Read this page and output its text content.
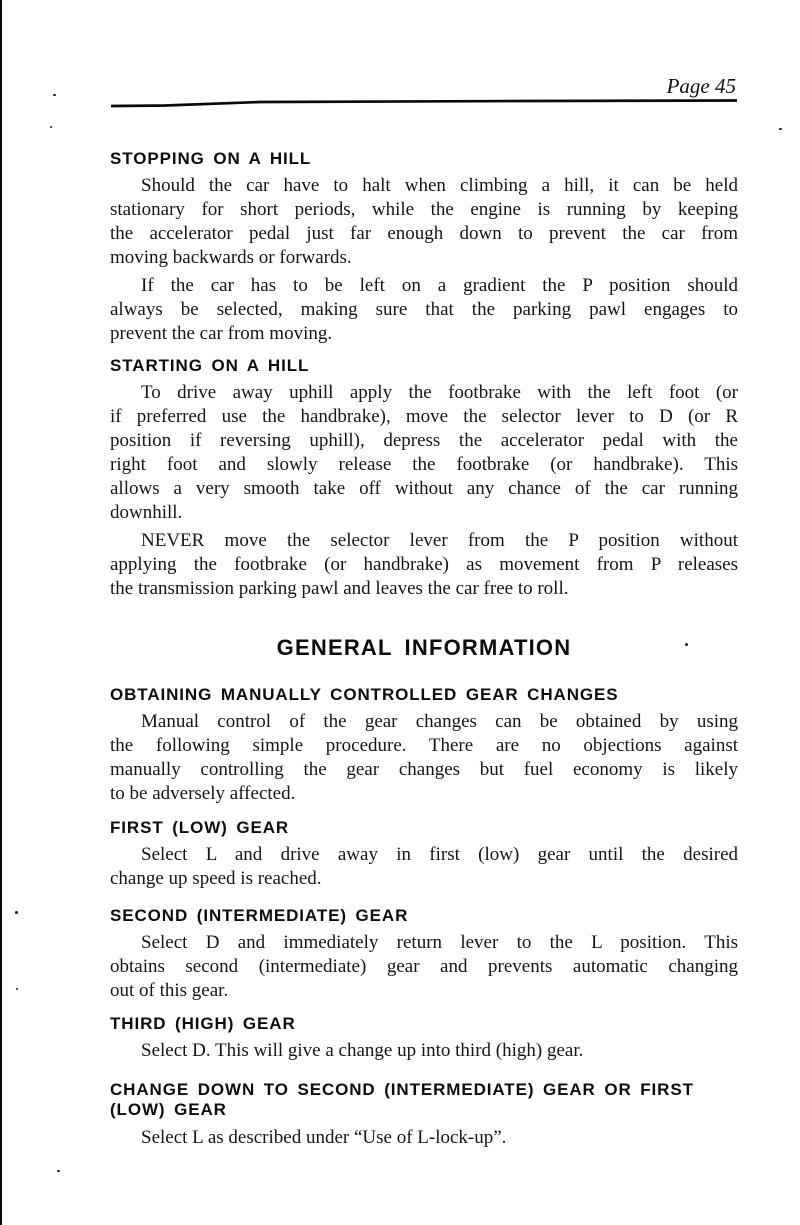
Page 45
STOPPING ON A HILL
Should the car have to halt when climbing a hill, it can be held
stationary for short periods, while the engine is running by keeping
the accelerator pedal just far enough down to prevent the car from
moving backwards or forwards.
If the car has to be left on a gradient the P position should
always be selected, making sure that the parking pawl engages to
prevent the car from moving.
STARTING ON A HILL
To drive away uphill apply the footbrake with the left foot (or
if preferred use the handbrake), move the selector lever to D (or R
position if reversing uphill), depress the accelerator pedal with the
right foot and slowly release the footbrake (or handbrake). This
allows a very smooth take off without any chance of the car running
downhill.
NEVER move the selector lever from the P position without
applying the footbrake (or handbrake) as movement from P releases
the transmission parking pawl and leaves the car free to roll.
GENERAL INFORMATION
OBTAINING MANUALLY CONTROLLED GEAR CHANGES
Manual control of the gear changes can be obtained by using
the following simple procedure. There are no objections against
manually controlling the gear changes but fuel economy is likely
to be adversely affected.
FIRST (LOW) GEAR
Select L and drive away in first (low) gear until the desired
change up speed is reached.
SECOND (INTERMEDIATE) GEAR
Select D and immediately return lever to the L position. This
obtains second (intermediate) gear and prevents automatic changing
out of this gear.
THIRD (HIGH) GEAR
Select D. This will give a change up into third (high) gear.
CHANGE DOWN TO SECOND (INTERMEDIATE) GEAR OR FIRST
(LOW) GEAR
Select L as described under “Use of L-lock-up”.
